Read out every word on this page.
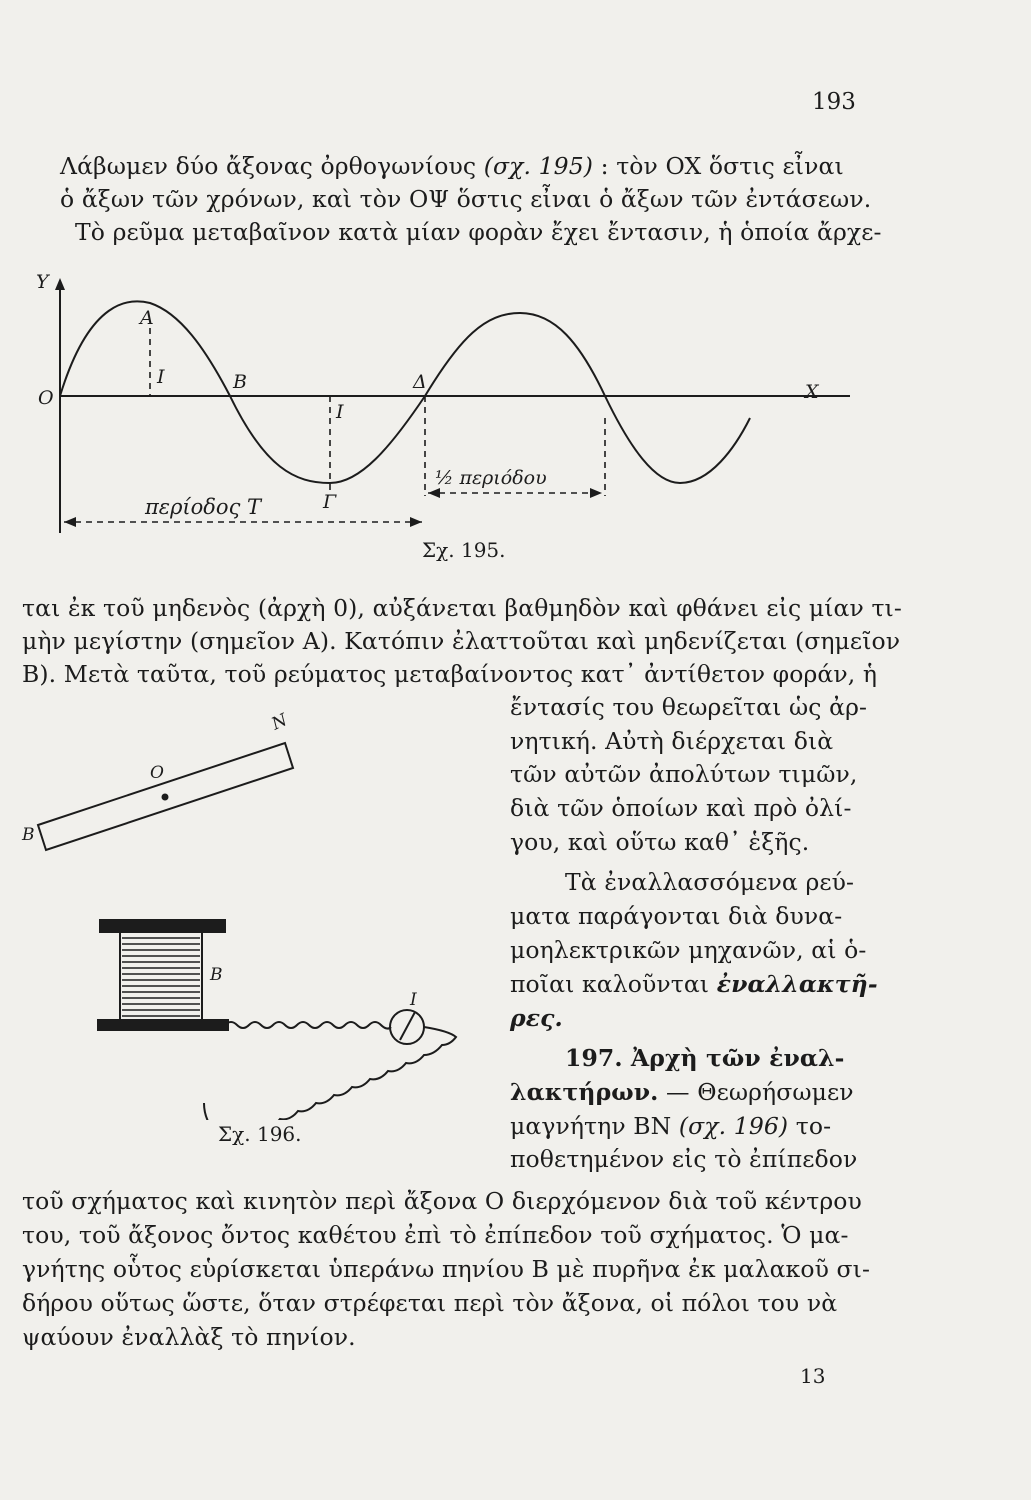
193
Λάβωμεν δύο ἄξονας ὀρθογωνίους (σχ. 195) : τὸν OX ὅστις εἶναι
ὁ ἄξων τῶν χρόνων, καὶ τὸν ΟΨ ὅστις εἶναι ὁ ἄξων τῶν ἐντάσεων.
Τὸ ρεῦμα μεταβαῖνον κατὰ μίαν φορὰν ἔχει ἔντασιν, ἡ ὁποία ἄρχε-
Y
O	X
A
B	Δ
Γ
I
I
½ περιόδου
περίοδος T
Σχ. 195.
ται ἐκ τοῦ μηδενὸς (ἀρχὴ 0), αὐξάνεται βαθμηδὸν καὶ φθάνει εἰς μίαν τι-
μὴν μεγίστην (σημεῖον Α). Κατόπιν ἐλαττοῦται καὶ μηδενίζεται (σημεῖον
Β). Μετὰ ταῦτα, τοῦ ρεύματος μεταβαίνοντος κατ᾽ ἀντίθετον φοράν, ἡ
ἔντασίς του θεωρεῖται ὡς ἀρ-
νητική. Αὐτὴ διέρχεται διὰ
τῶν αὐτῶν ἀπολύτων τιμῶν,
διὰ τῶν ὁποίων καὶ πρὸ ὀλί-
γου, καὶ οὕτω καθ᾽ ἑξῆς.
Τὰ ἐναλλασσόμενα ρεύ-
ματα παράγονται διὰ δυνα-
μοηλεκτρικῶν μηχανῶν, αἱ ὁ-
ποῖαι καλοῦνται ἐναλλακτῆ-
ρες.
197. Ἀρχὴ τῶν ἐναλ-
λακτήρων. — Θεωρήσωμεν
μαγνήτην ΒΝ (σχ. 196) το-
ποθετημένον εἰς τὸ ἐπίπεδον
N
O
B
B
I
Σχ. 196.
τοῦ σχήματος καὶ κινητὸν περὶ ἄξονα Ο διερχόμενον διὰ τοῦ κέντρου
του, τοῦ ἄξονος ὄντος καθέτου ἐπὶ τὸ ἐπίπεδον τοῦ σχήματος. Ὁ μα-
γνήτης οὗτος εὑρίσκεται ὑπεράνω πηνίου Β μὲ πυρῆνα ἐκ μαλακοῦ σι-
δήρου οὕτως ὥστε, ὅταν στρέφεται περὶ τὸν ἄξονα, οἱ πόλοι του νὰ
ψαύουν ἐναλλὰξ τὸ πηνίον.
13
